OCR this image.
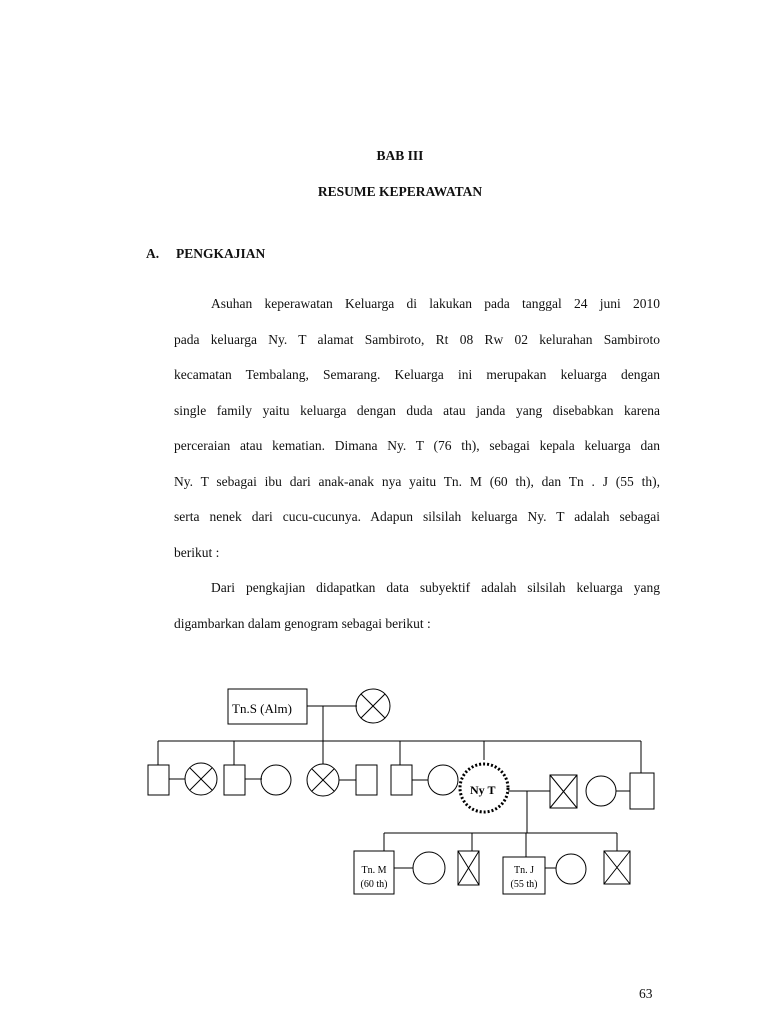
BAB III
RESUME KEPERAWATAN
A. PENGKAJIAN

Asuhan keperawatan Keluarga di lakukan pada tanggal 24 juni 2010
pada keluarga Ny. T alamat Sambiroto, Rt 08 Rw 02 kelurahan Sambiroto
kecamatan Tembalang, Semarang. Keluarga ini merupakan keluarga dengan
single family yaitu keluarga dengan duda atau janda yang disebabkan karena
perceraian atau kematian. Dimana Ny. T (76 th), sebagai kepala keluarga dan
Ny. T sebagai ibu dari anak-anak nya yaitu Tn. M (60 th), dan Tn . J (55 th),
serta nenek dari cucu-cucunya. Adapun silsilah keluarga Ny. T adalah sebagai
berikut :

Dari pengkajian didapatkan data subyektif adalah silsilah keluarga yang
digambarkan dalam genogram sebagai berikut :

Tn.S (Alm)
Ny T
Tn. M
(60 th)
Tn. J
(55 th)
63
